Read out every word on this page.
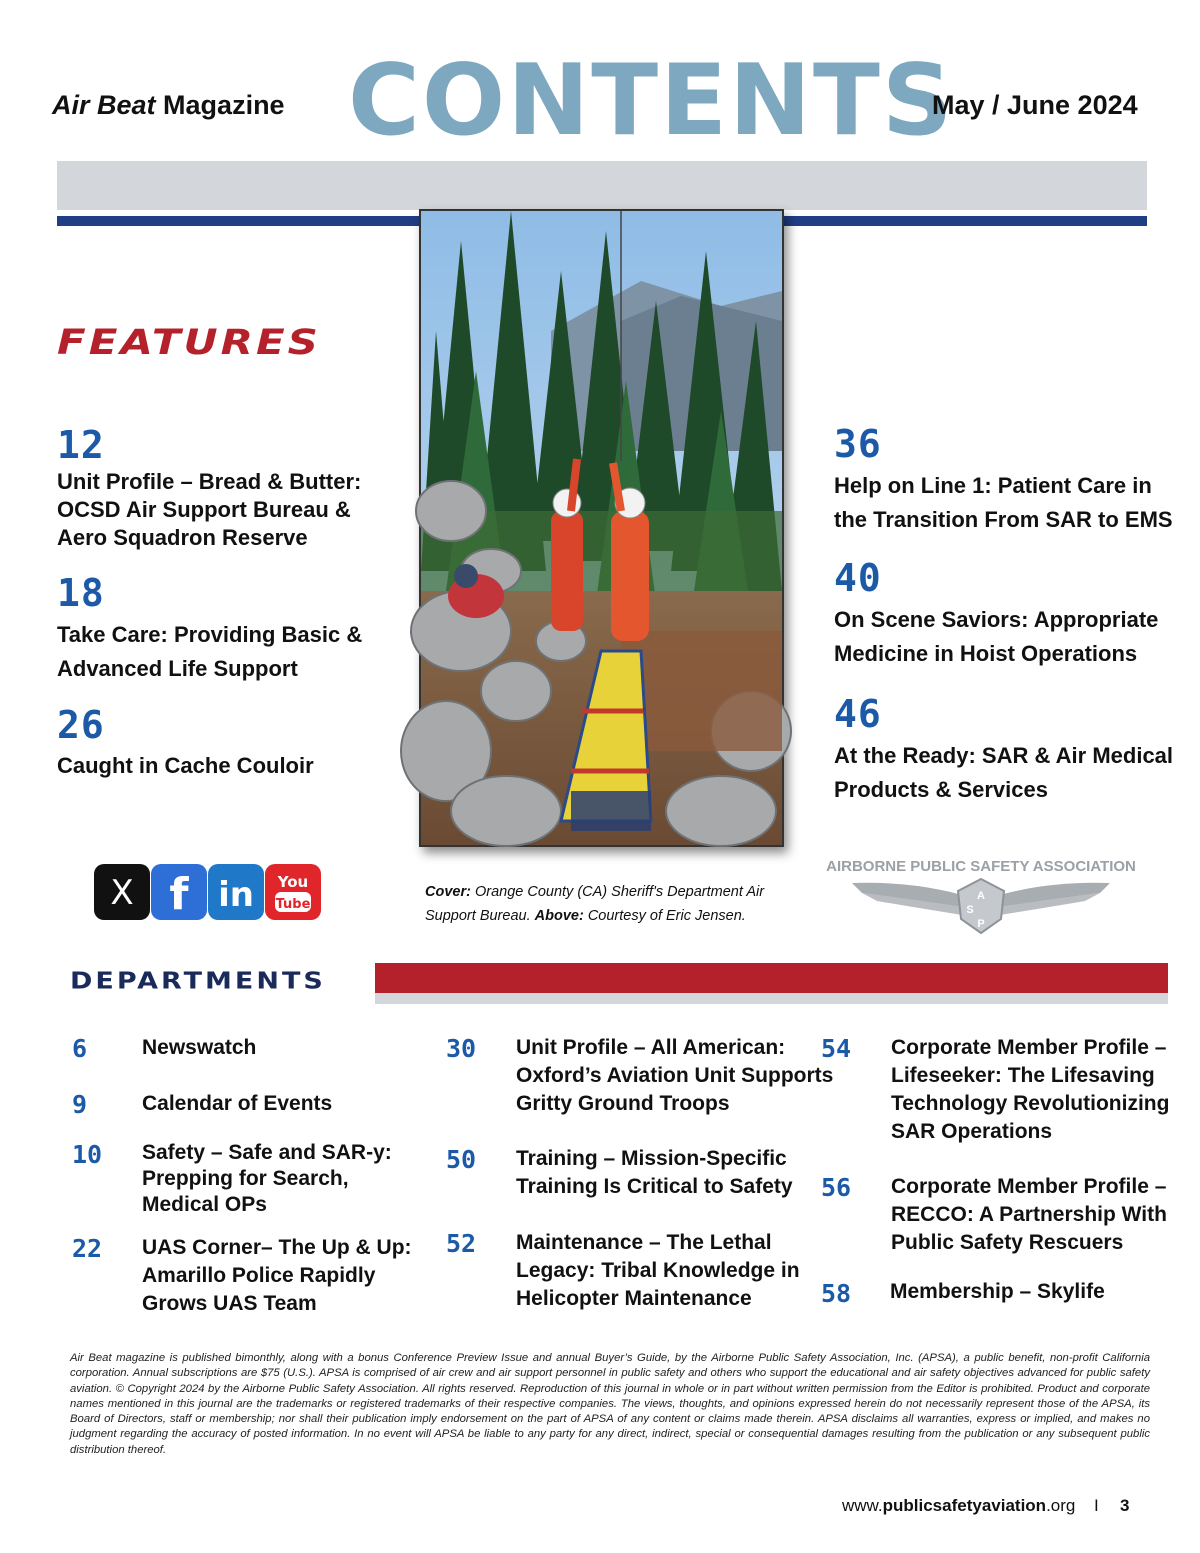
Air Beat Magazine CONTENTS
May / June 2024
Cover: Orange County (CA) Sheriff's Department Air Support Bureau. Above: Courtesy of Eric Jensen.
FEATURES
12
Unit Profile – Bread & Butter:
OCSD Air Support Bureau &
Aero Squadron Reserve
18
Take Care: Providing Basic &
Advanced Life Support
26
Caught in Cache Couloir
36
Help on Line 1: Patient Care in
the Transition From SAR to EMS
40
On Scene Saviors: Appropriate
Medicine in Hoist Operations
46
At the Ready: SAR & Air Medical
Products & Services
X f in You
Tube
AIRBORNE PUBLIC SAFETY ASSOCIATION
A
S
P
DEPARTMENTS
6	Newswatch
9	Calendar of Events
10 Safety – Safe and SAR-y:
Prepping for Search,
Medical OPs
22 UAS Corner– The Up & Up:
Amarillo Police Rapidly
Grows UAS Team
30 Unit Profile – All American:
Oxford’s Aviation Unit Supports
Gritty Ground Troops
50 Training – Mission-Specific
Training Is Critical to Safety
52 Maintenance – The Lethal
Legacy: Tribal Knowledge in
Helicopter Maintenance
54 Corporate Member Profile –
Lifeseeker: The Lifesaving
Technology Revolutionizing
SAR Operations
56 Corporate Member Profile –
RECCO: A Partnership With
Public Safety Rescuers
58 Membership – Skylife
Air Beat magazine is published bimonthly, along with a bonus Conference Preview Issue and annual Buyer’s Guide, by the Airborne Public Safety Association, Inc. (APSA), a public benefit, non-profit California corporation. Annual subscriptions are $75 (U.S.). APSA is comprised of air crew and air support personnel in public safety and others who support the educational and air safety objectives advanced for public safety aviation. © Copyright 2024 by the Airborne Public Safety Association. All rights reserved. Reproduction of this journal in whole or in part without written permission from the Editor is prohibited. Product and corporate names mentioned in this journal are the trademarks or registered trademarks of their respective companies. The views, thoughts, and opinions expressed herein do not necessarily represent those of the APSA, its Board of Directors, staff or membership; nor shall their publication imply endorsement on the part of APSA of any content or claims made therein. APSA disclaims all warranties, express or implied, and makes no judgment regarding the accuracy of posted information. In no event will APSA be liable to any party for any direct, indirect, special or consequential damages resulting from the publication or any subsequent public distribution thereof.
www.publicsafetyaviation.org I 3
